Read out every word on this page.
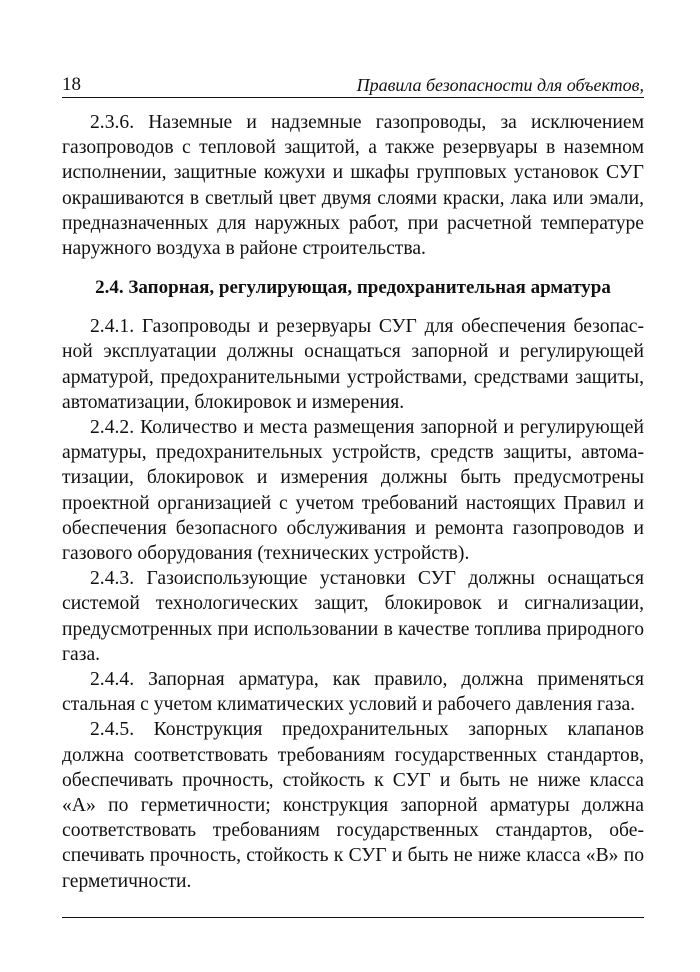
18	Правила безопасности для объектов,

2.3.6. Наземные и надземные газопроводы, за исключением газопроводов с тепловой защитой, а также резервуары в наземном исполнении, защитные кожухи и шкафы групповых установок СУГ окрашиваются в светлый цвет двумя слоями краски, лака или эмали, предназначенных для наружных работ, при расчетной температуре наружного воздуха в районе строительства.

2.4. Запорная, регулирующая, предохранительная арматура

2.4.1. Газопроводы и резервуары СУГ для обеспечения безопасной эксплуатации должны оснащаться запорной и регулирующей арматурой, предохранительными устройствами, средствами защиты, автоматизации, блокировок и измерения.

2.4.2. Количество и места размещения запорной и регулирующей арматуры, предохранительных устройств, средств защиты, автоматизации, блокировок и измерения должны быть предусмотрены проектной организацией с учетом требований настоящих Правил и обеспечения безопасного обслуживания и ремонта газопроводов и газового оборудования (технических устройств).

2.4.3. Газоиспользующие установки СУГ должны оснащаться системой технологических защит, блокировок и сигнализации, предусмотренных при использовании в качестве топлива природного газа.

2.4.4. Запорная арматура, как правило, должна применяться стальная с учетом климатических условий и рабочего давления газа.

2.4.5. Конструкция предохранительных запорных клапанов должна соответствовать требованиям государственных стандартов, обеспечивать прочность, стойкость к СУГ и быть не ниже класса «А» по герметичности; конструкция запорной арматуры должна соответствовать требованиям государственных стандартов, обеспечивать прочность, стойкость к СУГ и быть не ниже класса «В» по герметичности.
